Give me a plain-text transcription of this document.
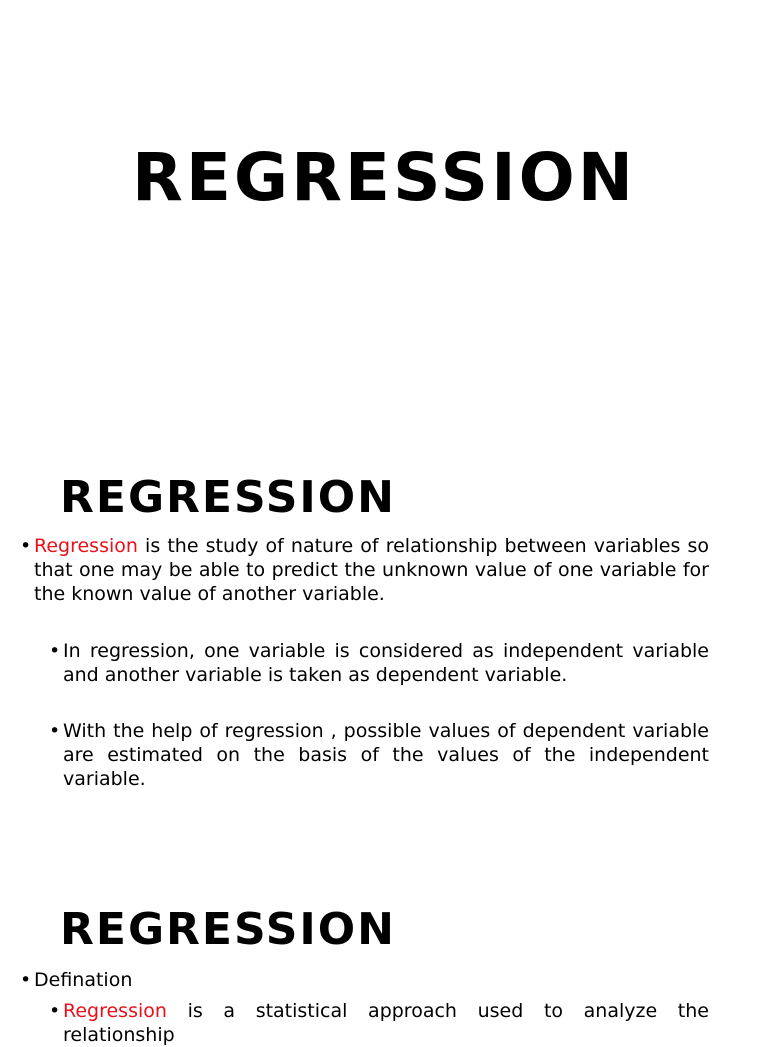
REGRESSION
REGRESSION

• Regression is the study of nature of relationship between variables so that one may be able to predict the unknown value of one variable for the known value of another variable.

• In regression, one variable is considered as independent variable and another variable is taken as dependent variable.

• With the help of regression , possible values of dependent variable are estimated on the basis of the values of the independent variable.

REGRESSION

• Defination

• Regression is a statistical approach used to analyze the relationship
